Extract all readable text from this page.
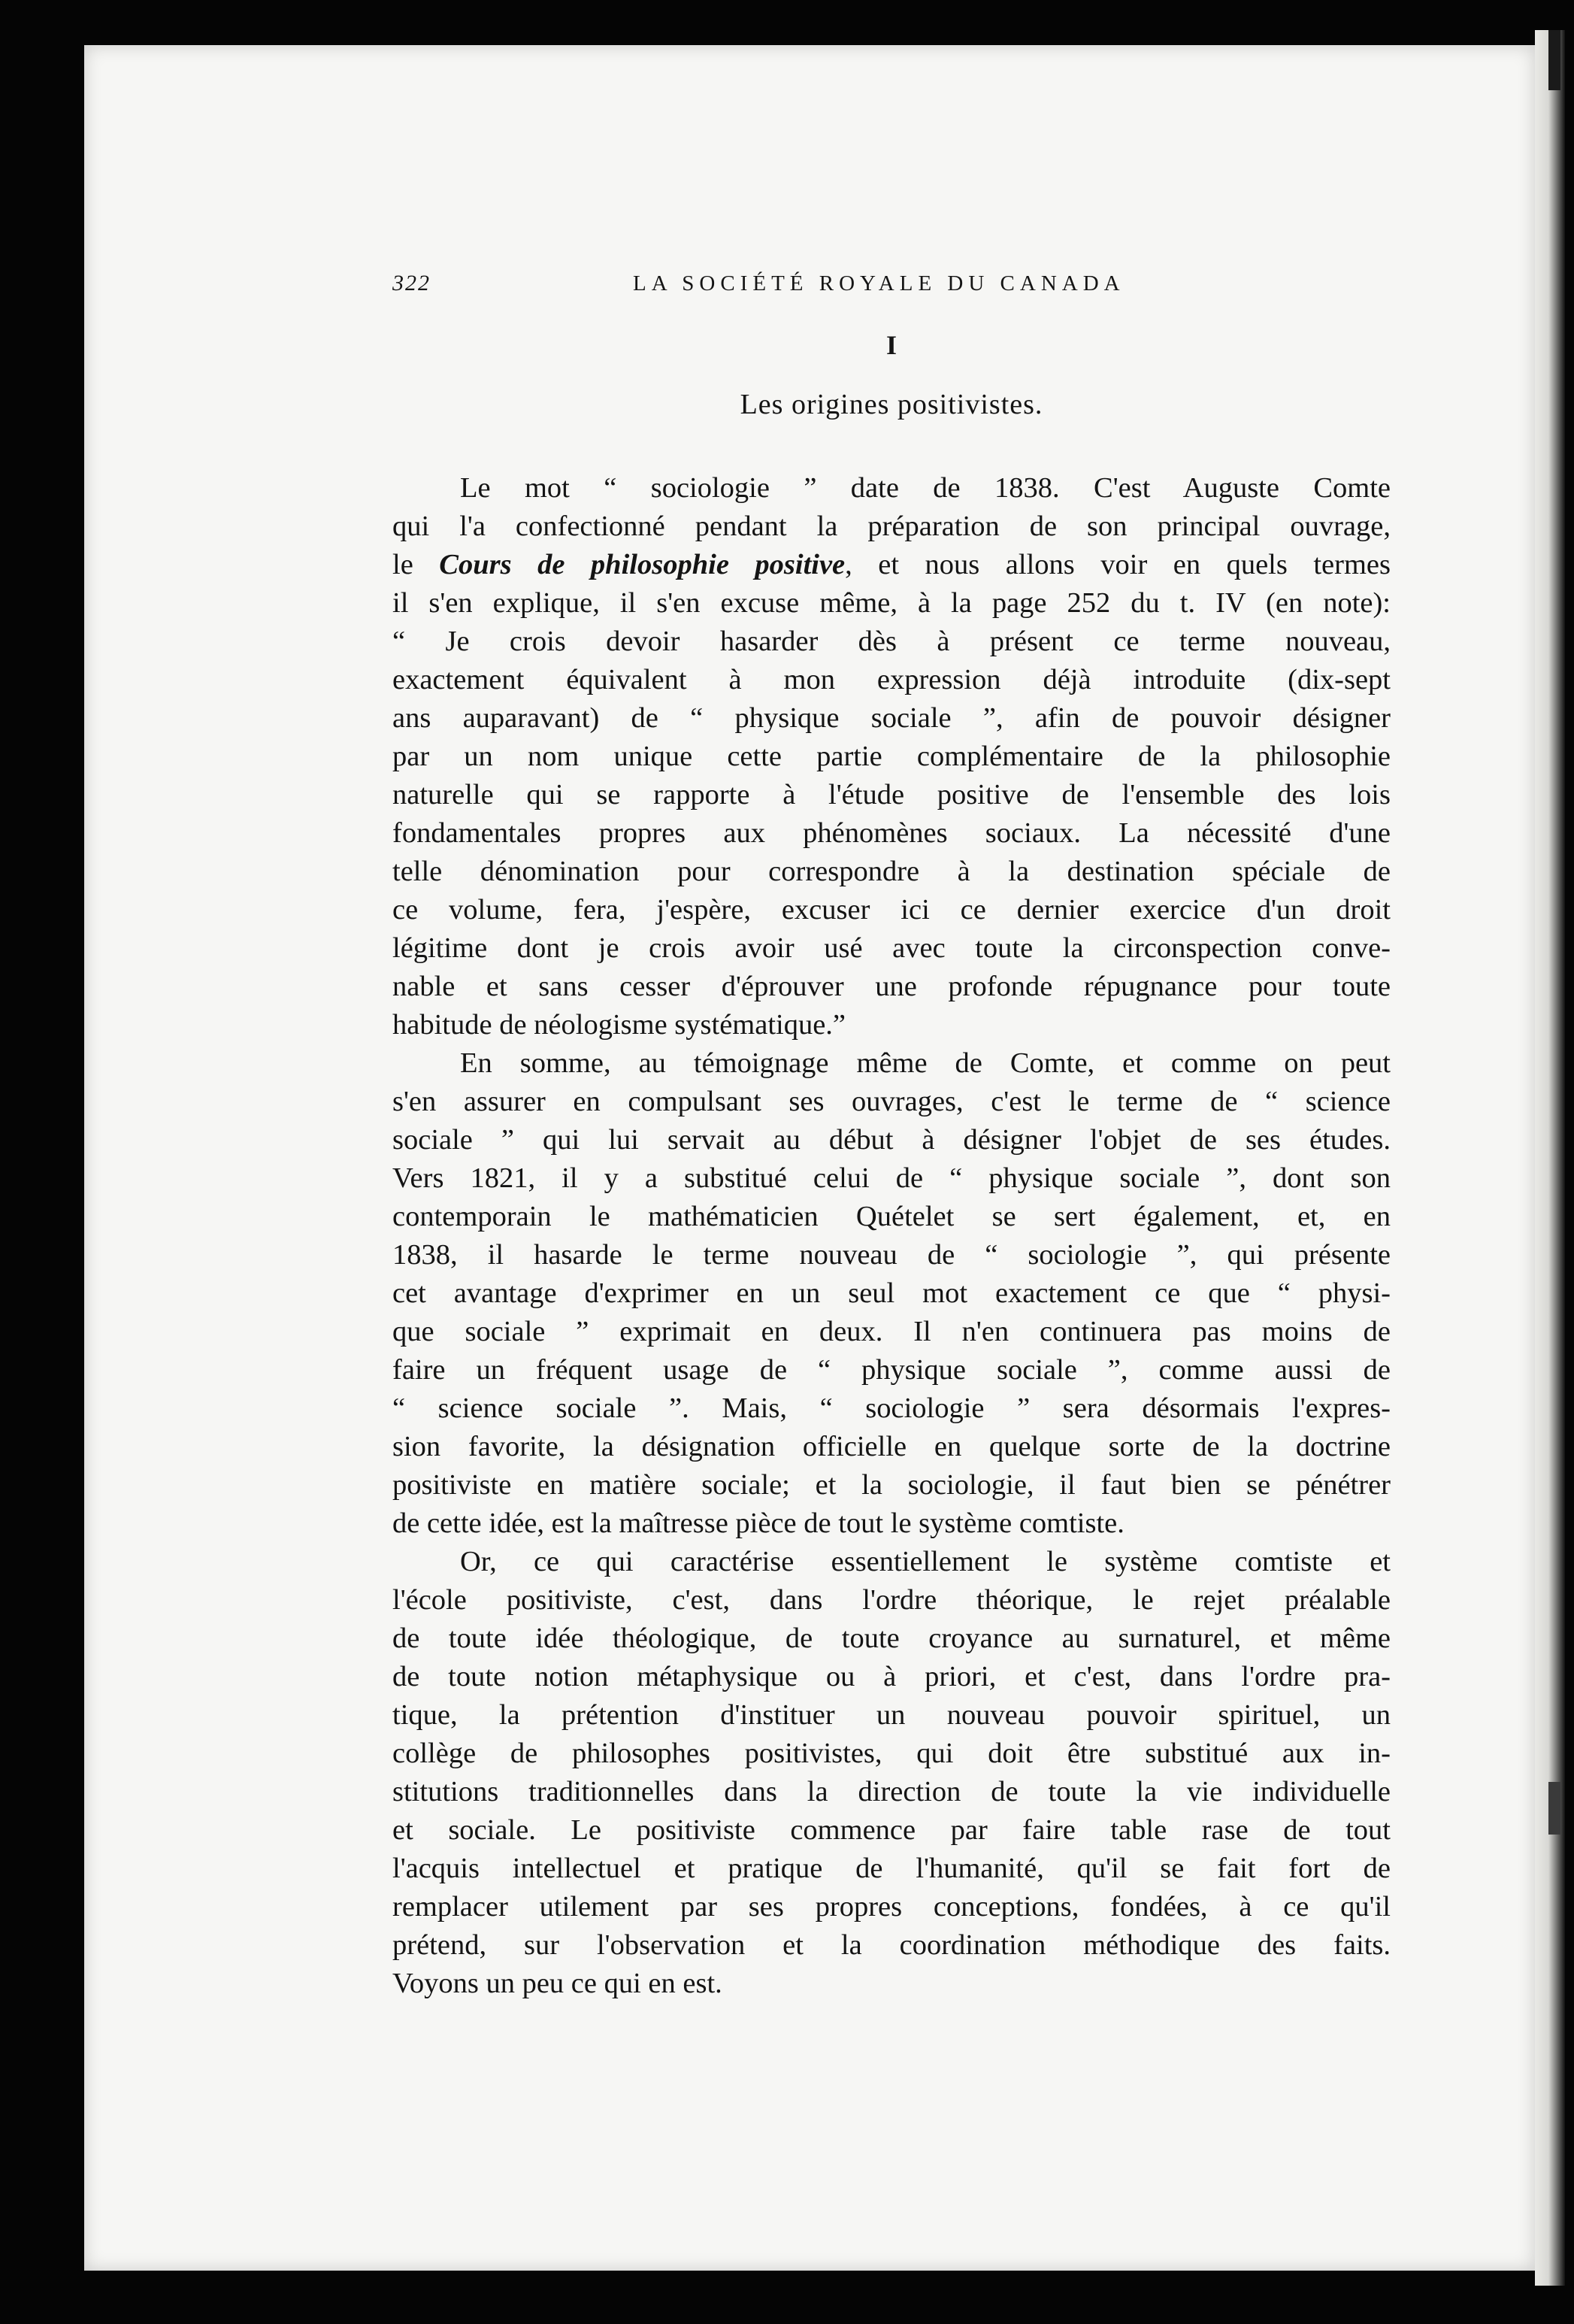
322	LA SOCIÉTÉ ROYALE DU CANADA
I
Les origines positivistes.
Le mot “ sociologie ” date de 1838. C'est Auguste Comte
qui l'a confectionné pendant la préparation de son principal ouvrage,
le Cours de philosophie positive, et nous allons voir en quels termes
il s'en explique, il s'en excuse même, à la page 252 du t. IV (en note):
“ Je crois devoir hasarder dès à présent ce terme nouveau,
exactement équivalent à mon expression déjà introduite (dix-sept
ans auparavant) de “ physique sociale ”, afin de pouvoir désigner
par un nom unique cette partie complémentaire de la philosophie
naturelle qui se rapporte à l'étude positive de l'ensemble des lois
fondamentales propres aux phénomènes sociaux. La nécessité d'une
telle dénomination pour correspondre à la destination spéciale de
ce volume, fera, j'espère, excuser ici ce dernier exercice d'un droit
légitime dont je crois avoir usé avec toute la circonspection conve-
nable et sans cesser d'éprouver une profonde répugnance pour toute
habitude de néologisme systématique.”
En somme, au témoignage même de Comte, et comme on peut
s'en assurer en compulsant ses ouvrages, c'est le terme de “ science
sociale ” qui lui servait au début à désigner l'objet de ses études.
Vers 1821, il y a substitué celui de “ physique sociale ”, dont son
contemporain le mathématicien Quételet se sert également, et, en
1838, il hasarde le terme nouveau de “ sociologie ”, qui présente
cet avantage d'exprimer en un seul mot exactement ce que “ physi-
que sociale ” exprimait en deux. Il n'en continuera pas moins de
faire un fréquent usage de “ physique sociale ”, comme aussi de
“ science sociale ”. Mais, “ sociologie ” sera désormais l'expres-
sion favorite, la désignation officielle en quelque sorte de la doctrine
positiviste en matière sociale; et la sociologie, il faut bien se pénétrer
de cette idée, est la maîtresse pièce de tout le système comtiste.
Or, ce qui caractérise essentiellement le système comtiste et
l'école positiviste, c'est, dans l'ordre théorique, le rejet préalable
de toute idée théologique, de toute croyance au surnaturel, et même
de toute notion métaphysique ou à priori, et c'est, dans l'ordre pra-
tique, la prétention d'instituer un nouveau pouvoir spirituel, un
collège de philosophes positivistes, qui doit être substitué aux in-
stitutions traditionnelles dans la direction de toute la vie individuelle
et sociale. Le positiviste commence par faire table rase de tout
l'acquis intellectuel et pratique de l'humanité, qu'il se fait fort de
remplacer utilement par ses propres conceptions, fondées, à ce qu'il
prétend, sur l'observation et la coordination méthodique des faits.
Voyons un peu ce qui en est.
